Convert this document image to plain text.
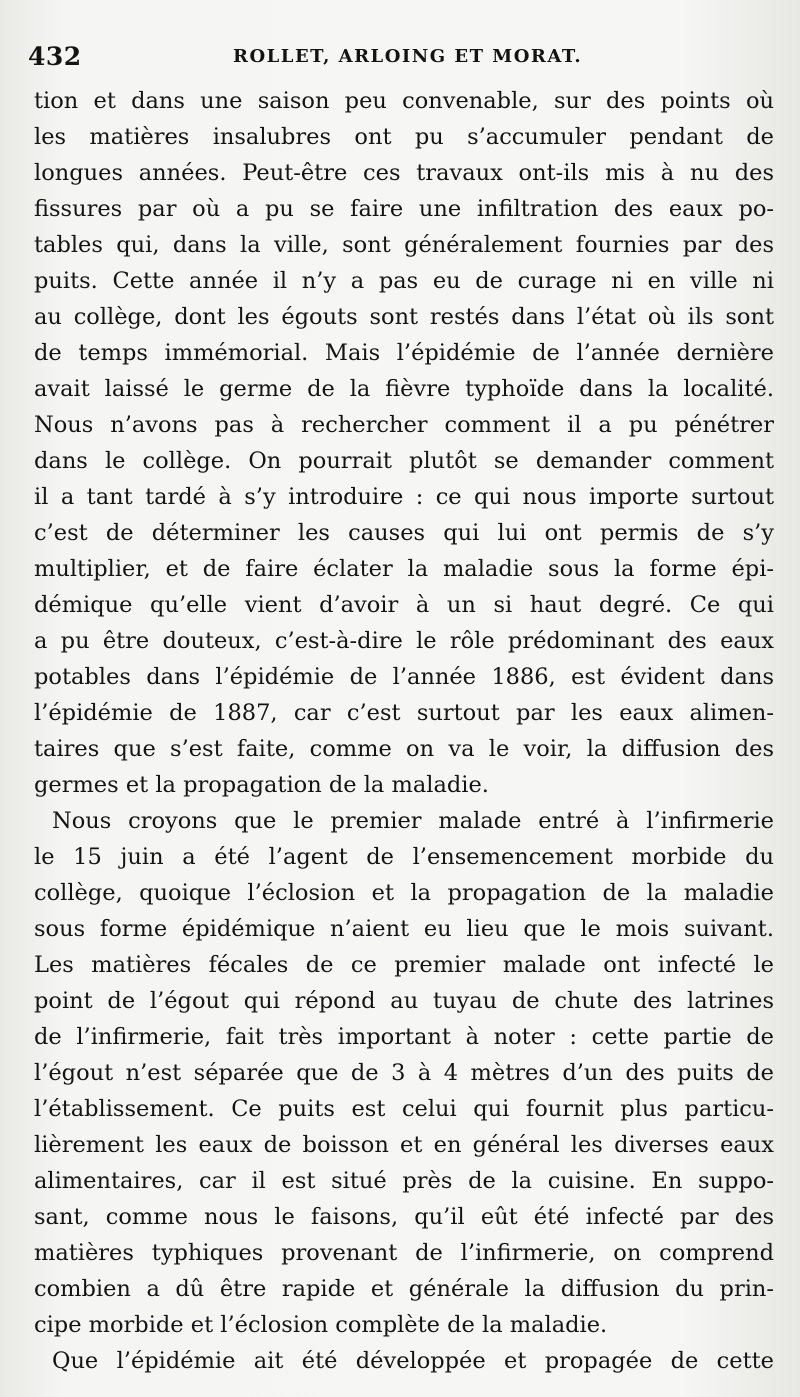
432	ROLLET, ARLOING ET MORAT.
tion et dans une saison peu convenable, sur des points où
les matières insalubres ont pu s’accumuler pendant de
longues années. Peut-être ces travaux ont-ils mis à nu des
fissures par où a pu se faire une infiltration des eaux po-
tables qui, dans la ville, sont généralement fournies par des
puits. Cette année il n’y a pas eu de curage ni en ville ni
au collège, dont les égouts sont restés dans l’état où ils sont
de temps immémorial. Mais l’épidémie de l’année dernière
avait laissé le germe de la fièvre typhoïde dans la localité.
Nous n’avons pas à rechercher comment il a pu pénétrer
dans le collège. On pourrait plutôt se demander comment
il a tant tardé à s’y introduire : ce qui nous importe surtout
c’est de déterminer les causes qui lui ont permis de s’y
multiplier, et de faire éclater la maladie sous la forme épi-
démique qu’elle vient d’avoir à un si haut degré. Ce qui
a pu être douteux, c’est-à-dire le rôle prédominant des eaux
potables dans l’épidémie de l’année 1886, est évident dans
l’épidémie de 1887, car c’est surtout par les eaux alimen-
taires que s’est faite, comme on va le voir, la diffusion des
germes et la propagation de la maladie.
Nous croyons que le premier malade entré à l’infirmerie
le 15 juin a été l’agent de l’ensemencement morbide du
collège, quoique l’éclosion et la propagation de la maladie
sous forme épidémique n’aient eu lieu que le mois suivant.
Les matières fécales de ce premier malade ont infecté le
point de l’égout qui répond au tuyau de chute des latrines
de l’infirmerie, fait très important à noter : cette partie de
l’égout n’est séparée que de 3 à 4 mètres d’un des puits de
l’établissement. Ce puits est celui qui fournit plus particu-
lièrement les eaux de boisson et en général les diverses eaux
alimentaires, car il est situé près de la cuisine. En suppo-
sant, comme nous le faisons, qu’il eût été infecté par des
matières typhiques provenant de l’infirmerie, on comprend
combien a dû être rapide et générale la diffusion du prin-
cipe morbide et l’éclosion complète de la maladie.
Que l’épidémie ait été développée et propagée de cette
